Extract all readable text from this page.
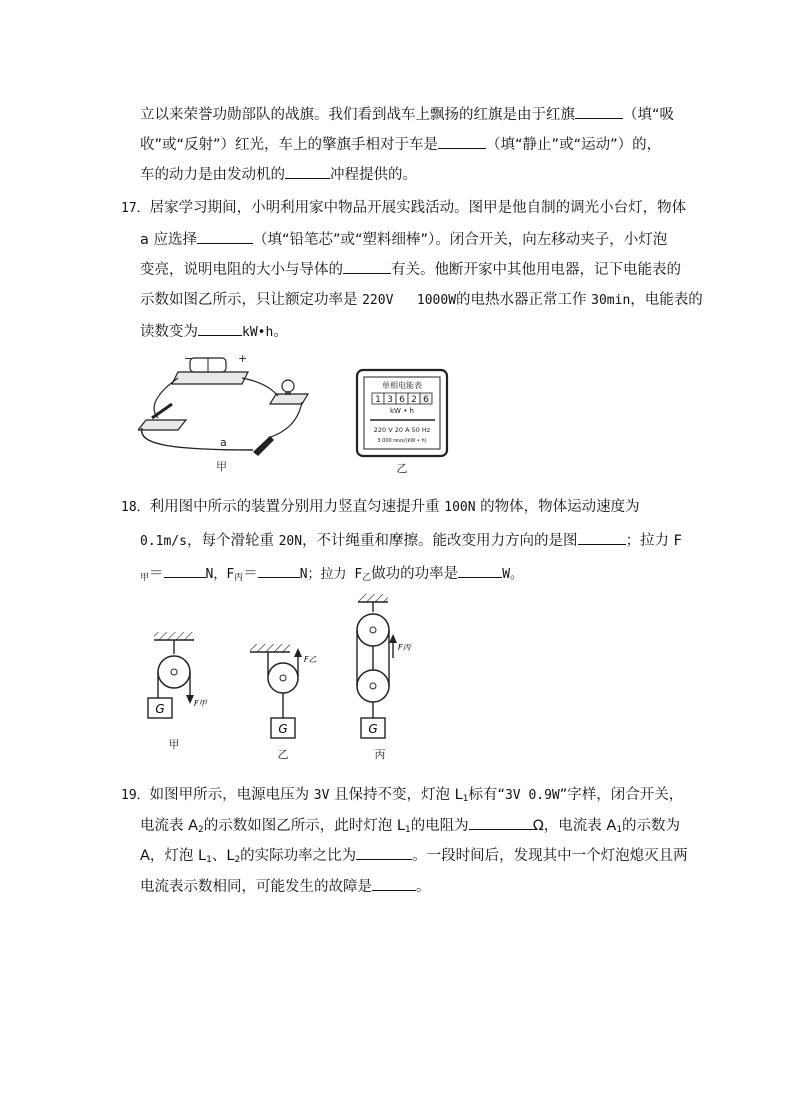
立以来荣誉功勋部队的战旗。我们看到战车上飘扬的红旗是由于红旗	（填“吸
收”或“反射”）红光，车上的擎旗手相对于车是	（填“静止”或“运动”）的，
车的动力是由发动机的	冲程提供的。
17．居家学习期间，小明利用家中物品开展实践活动。图甲是他自制的调光小台灯，物体
a 应选择	（填“铅笔芯”或“塑料细棒”）。闭合开关，向左移动夹子，小灯泡
变亮，说明电阻的大小与导体的	有关。他断开家中其他用电器，记下电能表的
示数如图乙所示，只让额定功率是 220V   1000W的电热水器正常工作 30min，电能表的
读数变为	kW•h。
−	+
a
甲
单相电能表
1 3 6 2 6
kW • h
220 V 20 A 50 Hz
3 000 revs/(kW • h)
乙
18．利用图中所示的装置分别用力竖直匀速提升重 100N 的物体，物体运动速度为
0.1m/s，每个滑轮重 20N，不计绳重和摩擦。能改变用力方向的是图	；拉力 F
$_甲$＝	N，$F_丙=$	N；拉力 $F_乙$做功的功率是	W。
G	F甲
甲
G
F乙
乙
G
F丙
丙
19．如图甲所示，电源电压为 3V 且保持不变，灯泡 $L_1$标有“3V 0.9W”字样，闭合开关，
电流表 $A_2$的示数如图乙所示，此时灯泡 $L_1$的电阻为	Ω，电流表 $A_1$的示数为
A，灯泡 $L_1$、$L_2$的实际功率之比为	。一段时间后，发现其中一个灯泡熄灭且两
电流表示数相同，可能发生的故障是	。
